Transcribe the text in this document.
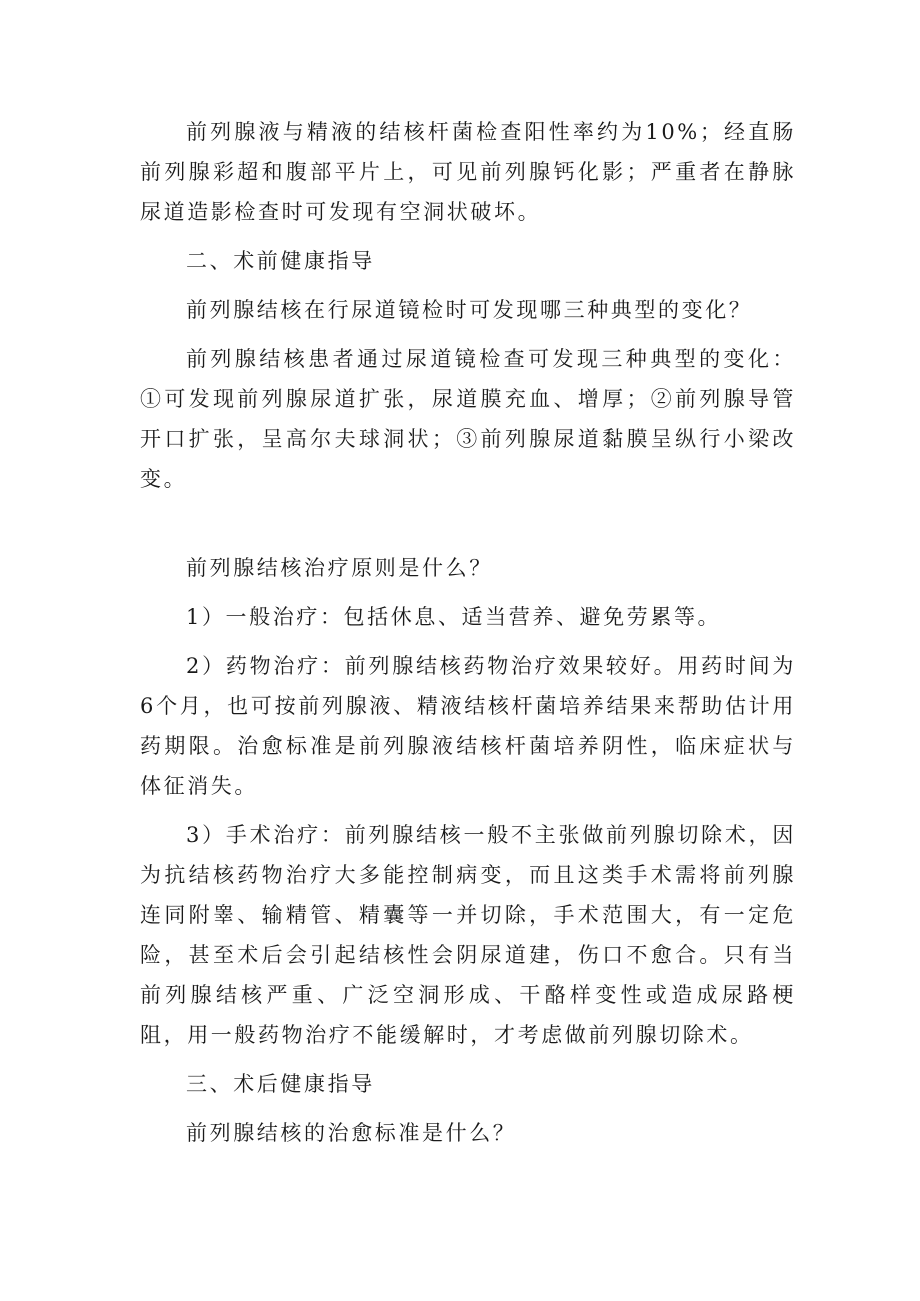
前列腺液与精液的结核杆菌检查阳性率约为10%；经直肠前列腺彩超和腹部平片上，可见前列腺钙化影；严重者在静脉尿道造影检查时可发现有空洞状破坏。

二、术前健康指导

前列腺结核在行尿道镜检时可发现哪三种典型的变化？

前列腺结核患者通过尿道镜检查可发现三种典型的变化：①可发现前列腺尿道扩张，尿道膜充血、增厚；②前列腺导管开口扩张，呈高尔夫球洞状；③前列腺尿道黏膜呈纵行小梁改变。

前列腺结核治疗原则是什么？

1）一般治疗：包括休息、适当营养、避免劳累等。

2）药物治疗：前列腺结核药物治疗效果较好。用药时间为6个月，也可按前列腺液、精液结核杆菌培养结果来帮助估计用药期限。治愈标准是前列腺液结核杆菌培养阴性，临床症状与体征消失。

3）手术治疗：前列腺结核一般不主张做前列腺切除术，因为抗结核药物治疗大多能控制病变，而且这类手术需将前列腺连同附睾、输精管、精囊等一并切除，手术范围大，有一定危险，甚至术后会引起结核性会阴尿道建，伤口不愈合。只有当前列腺结核严重、广泛空洞形成、干酪样变性或造成尿路梗阻，用一般药物治疗不能缓解时，才考虑做前列腺切除术。

三、术后健康指导

前列腺结核的治愈标准是什么？
